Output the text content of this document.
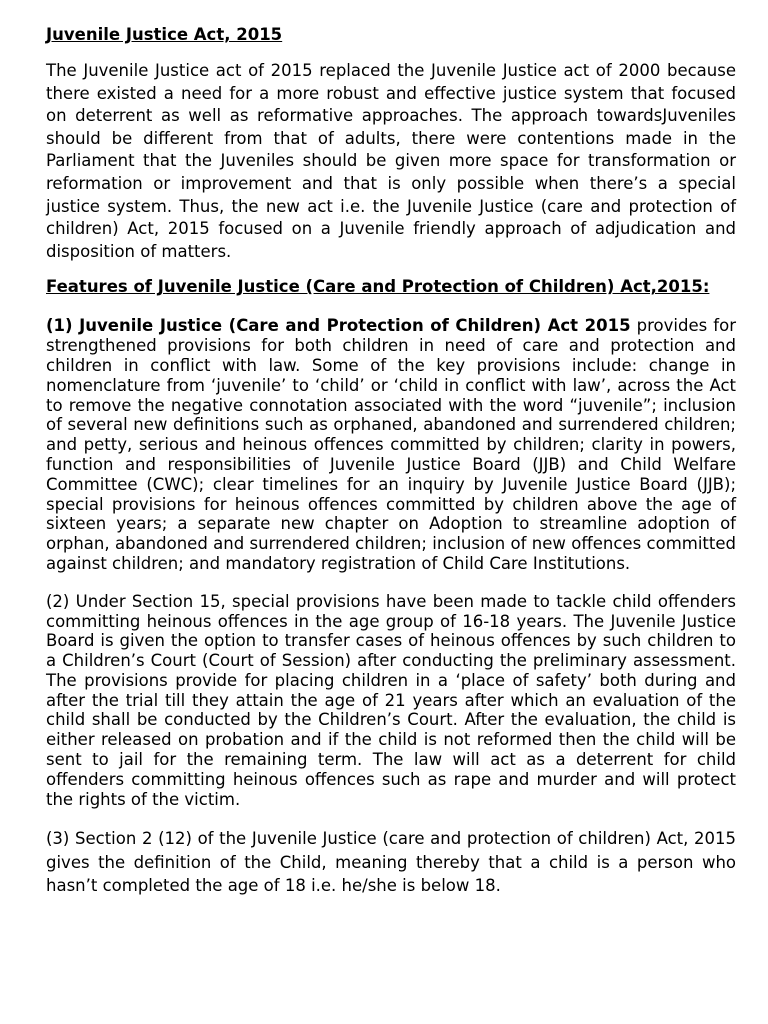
Juvenile Justice Act, 2015

The Juvenile Justice act of 2015 replaced the Juvenile Justice act of 2000 because there existed a need for a more robust and effective justice system that focused on deterrent as well as reformative approaches. The approach towardsJuveniles should be different from that of adults, there were contentions made in the Parliament that the Juveniles should be given more space for transformation or reformation or improvement and that is only possible when there’s a special justice system. Thus, the new act i.e. the Juvenile Justice (care and protection of children) Act, 2015 focused on a Juvenile friendly approach of adjudication and disposition of matters.

Features of Juvenile Justice (Care and Protection of Children) Act,2015:

(1) Juvenile Justice (Care and Protection of Children) Act 2015 provides for strengthened provisions for both children in need of care and protection and children in conflict with law. Some of the key provisions include: change in nomenclature from ‘juvenile’ to ‘child’ or ‘child in conflict with law’, across the Act to remove the negative connotation associated with the word “juvenile”; inclusion of several new definitions such as orphaned, abandoned and surrendered children; and petty, serious and heinous offences committed by children; clarity in powers, function and responsibilities of Juvenile Justice Board (JJB) and Child Welfare Committee (CWC); clear timelines for an inquiry by Juvenile Justice Board (JJB); special provisions for heinous offences committed by children above the age of sixteen years; a separate new chapter on Adoption to streamline adoption of orphan, abandoned and surrendered children; inclusion of new offences committed against children; and mandatory registration of Child Care Institutions.

(2) Under Section 15, special provisions have been made to tackle child offenders committing heinous offences in the age group of 16-18 years. The Juvenile Justice Board is given the option to transfer cases of heinous offences by such children to a Children’s Court (Court of Session) after conducting the preliminary assessment. The provisions provide for placing children in a ‘place of safety’ both during and after the trial till they attain the age of 21 years after which an evaluation of the child shall be conducted by the Children’s Court. After the evaluation, the child is either released on probation and if the child is not reformed then the child will be sent to jail for the remaining term. The law will act as a deterrent for child offenders committing heinous offences such as rape and murder and will protect the rights of the victim.

(3) Section 2 (12) of the Juvenile Justice (care and protection of children) Act, 2015 gives the definition of the Child, meaning thereby that a child is a person who hasn’t completed the age of 18 i.e. he/she is below 18.
